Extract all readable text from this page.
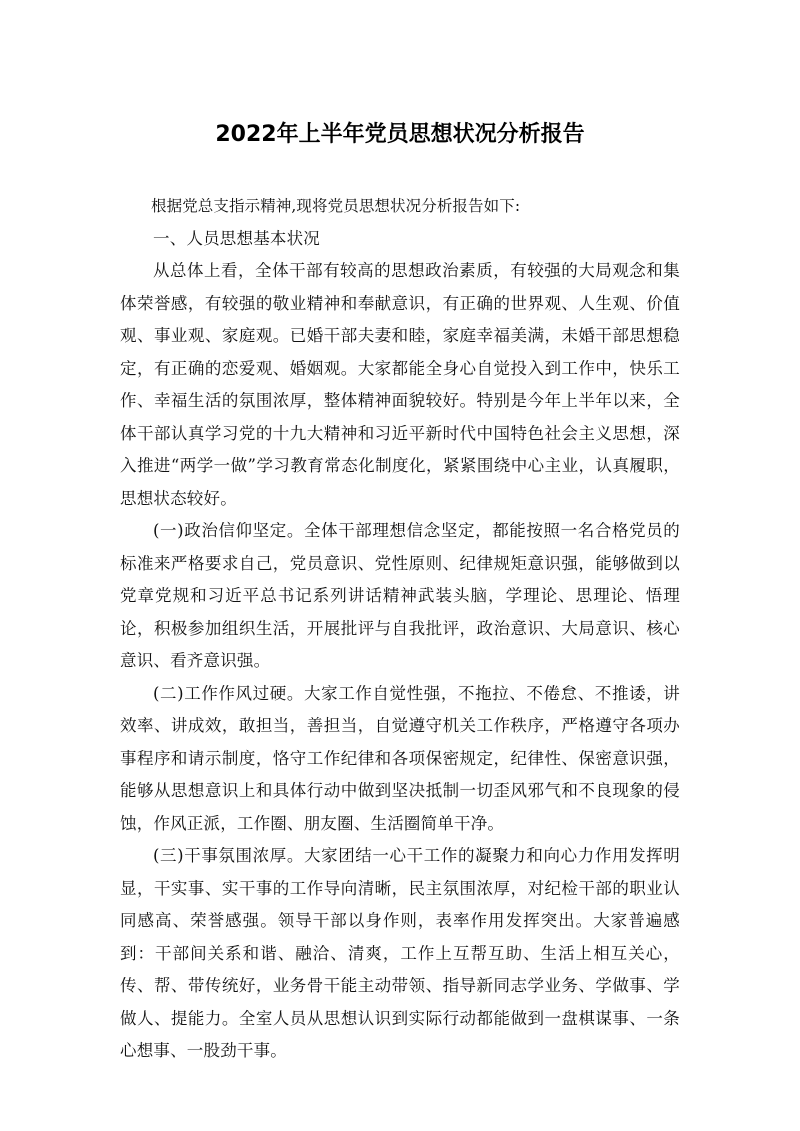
2022年上半年党员思想状况分析报告

根据党总支指示精神,现将党员思想状况分析报告如下:

一、人员思想基本状况

从总体上看，全体干部有较高的思想政治素质，有较强的大局观念和集体荣誉感，有较强的敬业精神和奉献意识，有正确的世界观、人生观、价值观、事业观、家庭观。已婚干部夫妻和睦，家庭幸福美满，未婚干部思想稳定，有正确的恋爱观、婚姻观。大家都能全身心自觉投入到工作中，快乐工作、幸福生活的氛围浓厚，整体精神面貌较好。特别是今年上半年以来，全体干部认真学习党的十九大精神和习近平新时代中国特色社会主义思想，深入推进“两学一做”学习教育常态化制度化，紧紧围绕中心主业，认真履职，思想状态较好。

(一)政治信仰坚定。全体干部理想信念坚定，都能按照一名合格党员的标准来严格要求自己，党员意识、党性原则、纪律规矩意识强，能够做到以党章党规和习近平总书记系列讲话精神武装头脑，学理论、思理论、悟理论，积极参加组织生活，开展批评与自我批评，政治意识、大局意识、核心意识、看齐意识强。

(二)工作作风过硬。大家工作自觉性强，不拖拉、不倦怠、不推诿，讲效率、讲成效，敢担当，善担当，自觉遵守机关工作秩序，严格遵守各项办事程序和请示制度，恪守工作纪律和各项保密规定，纪律性、保密意识强，能够从思想意识上和具体行动中做到坚决抵制一切歪风邪气和不良现象的侵蚀，作风正派，工作圈、朋友圈、生活圈简单干净。

(三)干事氛围浓厚。大家团结一心干工作的凝聚力和向心力作用发挥明显，干实事、实干事的工作导向清晰，民主氛围浓厚，对纪检干部的职业认同感高、荣誉感强。领导干部以身作则，表率作用发挥突出。大家普遍感到：干部间关系和谐、融洽、清爽，工作上互帮互助、生活上相互关心，传、帮、带传统好，业务骨干能主动带领、指导新同志学业务、学做事、学做人、提能力。全室人员从思想认识到实际行动都能做到一盘棋谋事、一条心想事、一股劲干事。
